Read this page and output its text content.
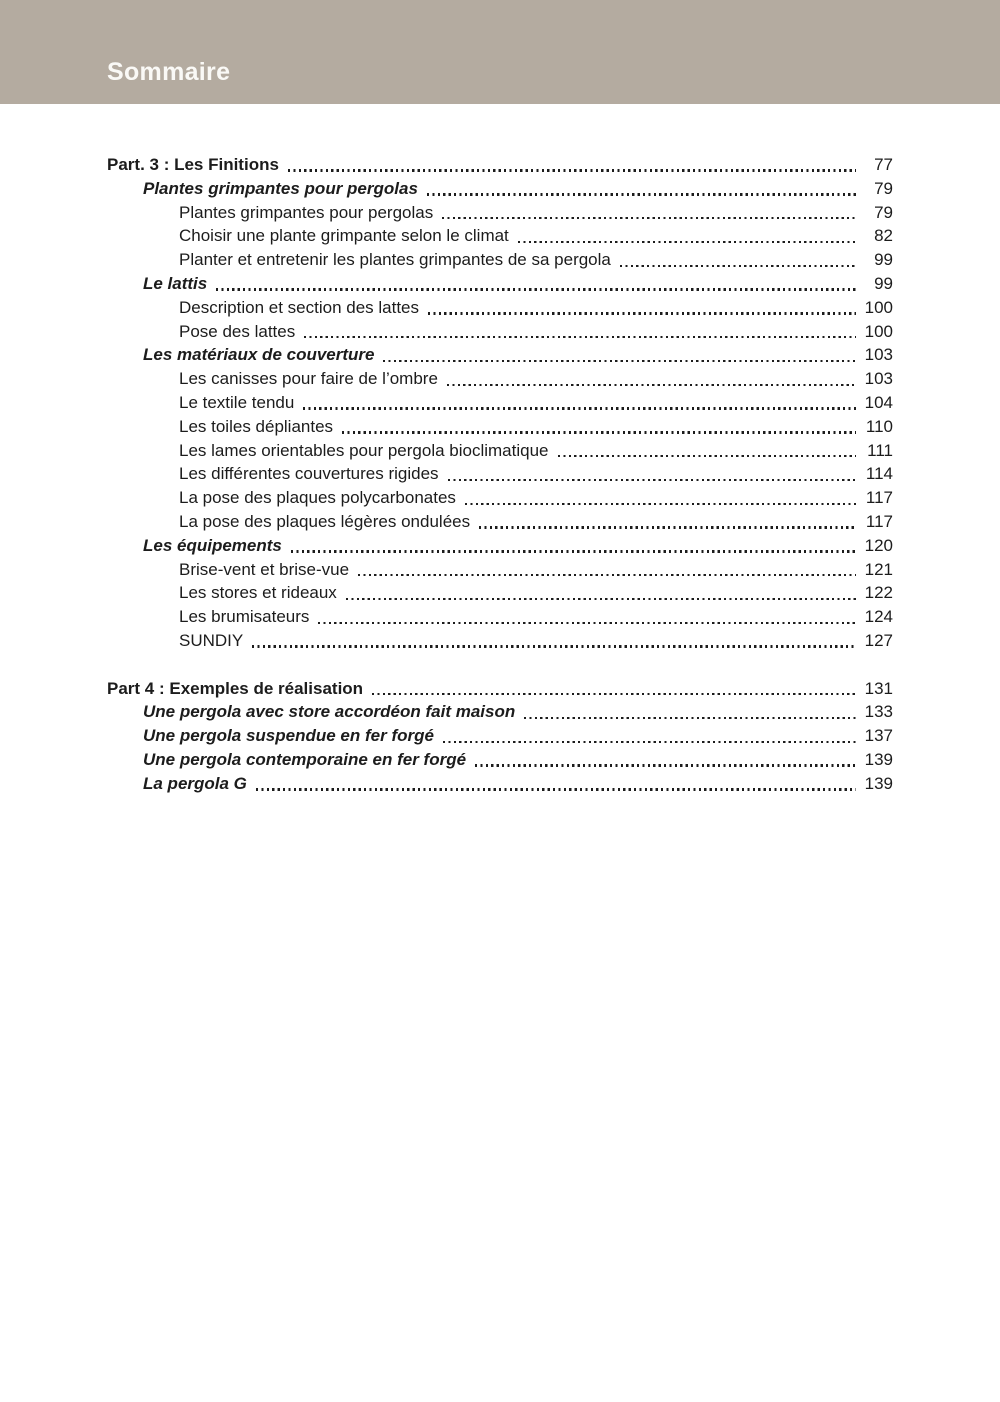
Sommaire
Part. 3 : Les Finitions	77
Plantes grimpantes pour pergolas	79
Plantes grimpantes pour pergolas	79
Choisir une plante grimpante selon le climat	82
Planter et entretenir les plantes grimpantes de sa pergola	99
Le lattis	99
Description et section des lattes	100
Pose des lattes	100
Les matériaux de couverture	103
Les canisses pour faire de l’ombre	103
Le textile tendu	104
Les toiles dépliantes	110
Les lames orientables pour pergola bioclimatique	111
Les différentes couvertures rigides	114
La pose des plaques polycarbonates	117
La pose des plaques légères ondulées	117
Les équipements	120
Brise-vent et brise-vue	121
Les stores et rideaux	122
Les brumisateurs	124
SUNDIY	127
Part 4 : Exemples de réalisation	131
Une pergola avec store accordéon fait maison	133
Une pergola suspendue en fer forgé	137
Une pergola contemporaine en fer forgé	139
La pergola G	139
